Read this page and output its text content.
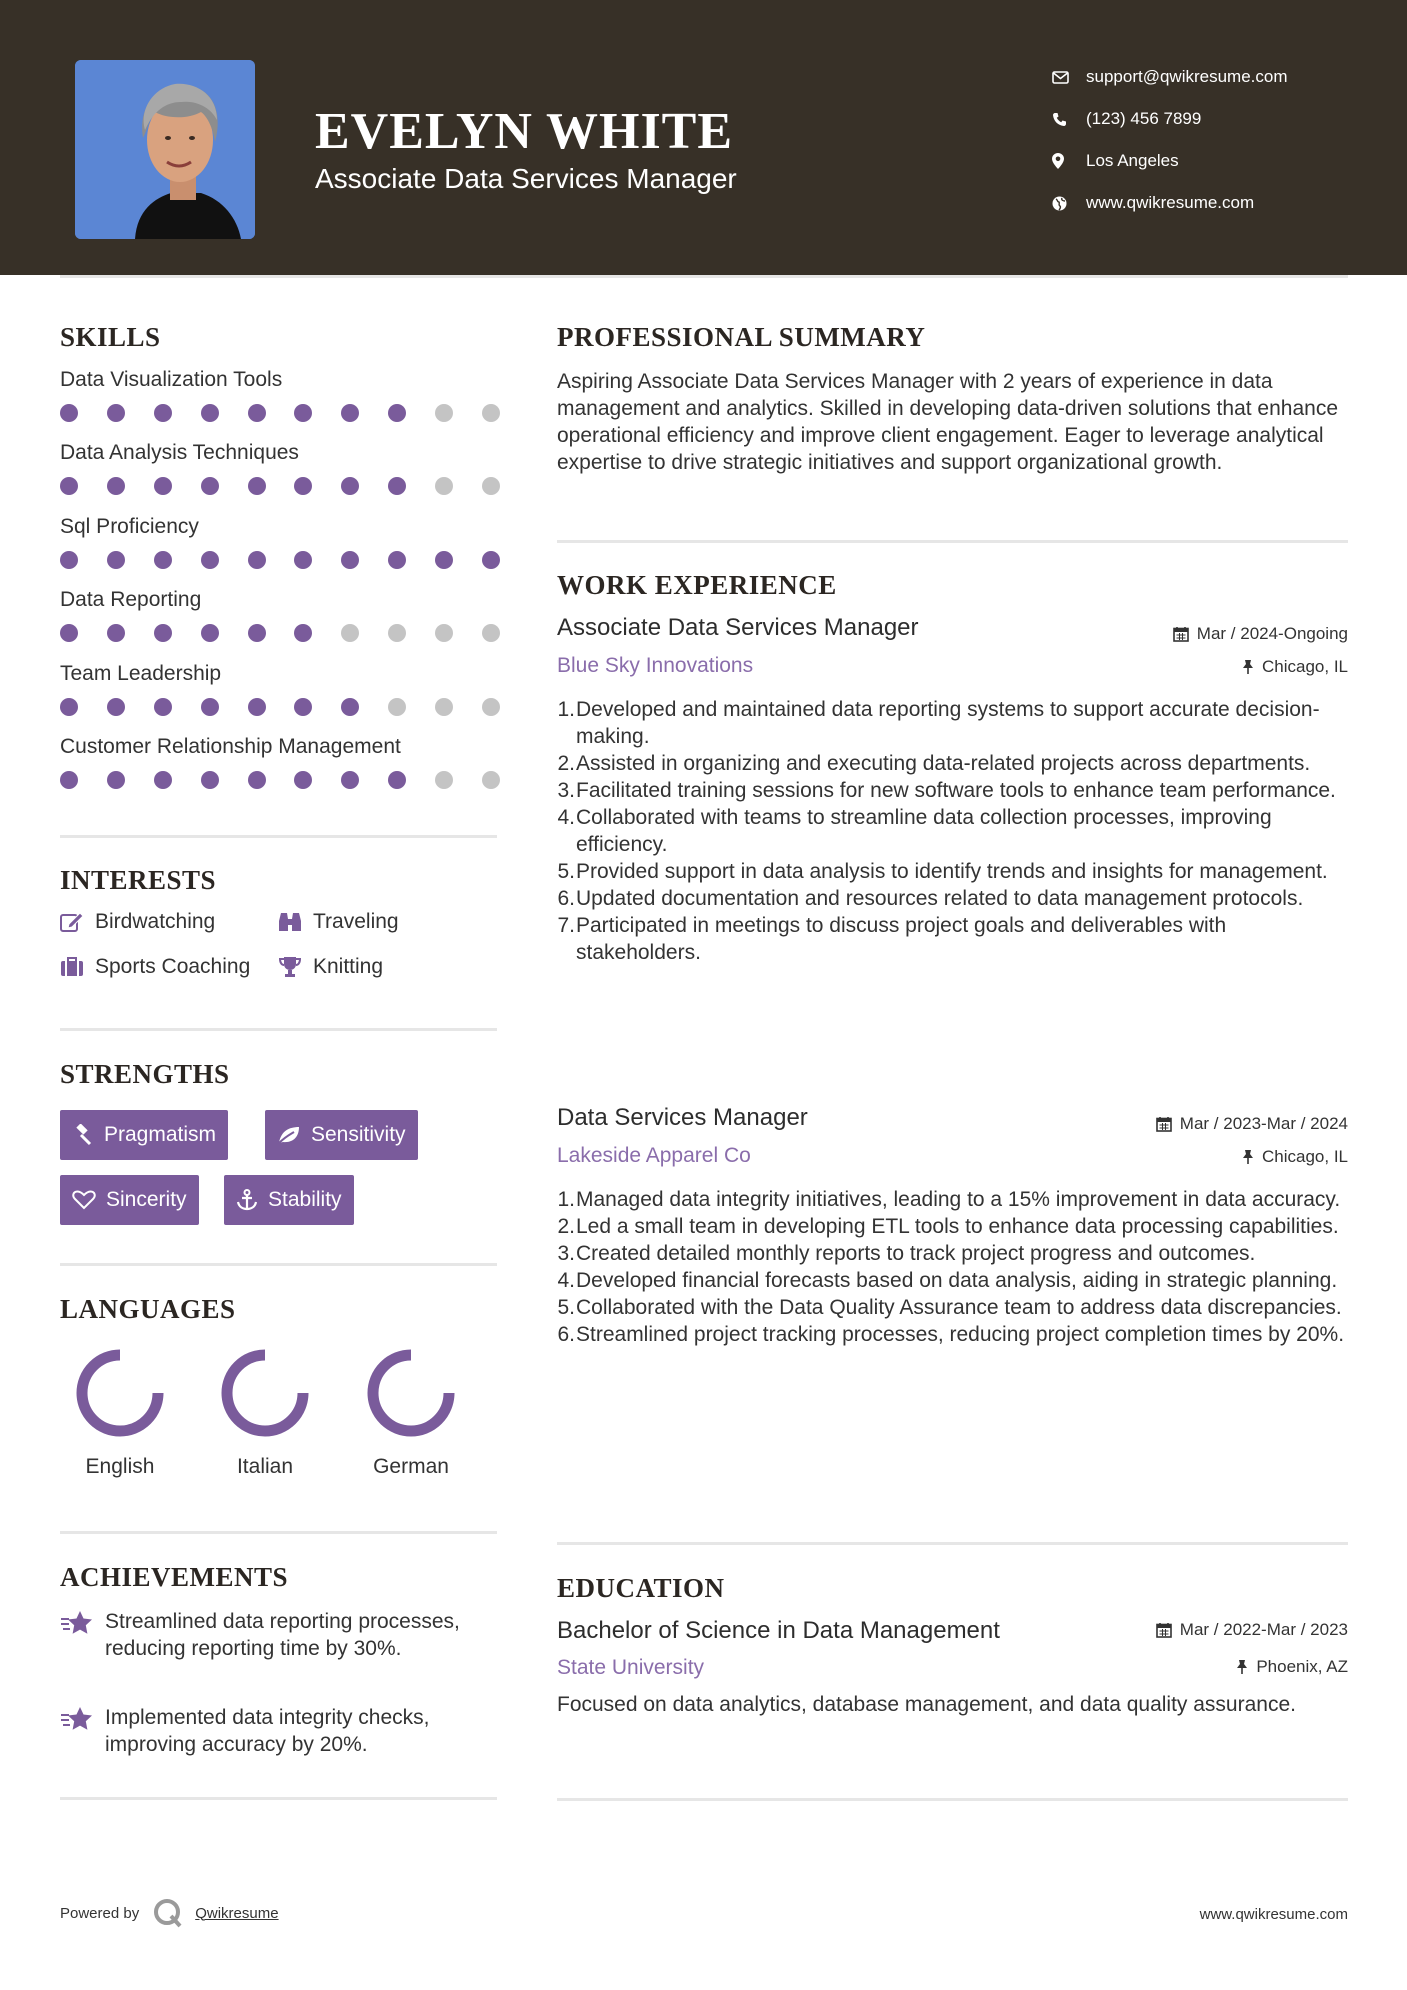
EVELYN WHITE
Associate Data Services Manager
support@qwikresume.com
(123) 456 7899
Los Angeles
www.qwikresume.com
SKILLS
Data Visualization Tools
Data Analysis Techniques
Sql Proficiency
Data Reporting
Team Leadership
Customer Relationship Management
INTERESTS
Birdwatching	Traveling
Sports Coaching	Knitting
STRENGTHS
Pragmatism	Sensitivity
Sincerity	Stability
LANGUAGES
English	Italian	German
ACHIEVEMENTS
Streamlined data reporting processes, reducing reporting time by 30%.
Implemented data integrity checks, improving accuracy by 20%.
PROFESSIONAL SUMMARY
Aspiring Associate Data Services Manager with 2 years of experience in data management and analytics. Skilled in developing data-driven solutions that enhance operational efficiency and improve client engagement. Eager to leverage analytical expertise to drive strategic initiatives and support organizational growth.
WORK EXPERIENCE
Associate Data Services Manager	Mar / 2024-Ongoing
Blue Sky Innovations	Chicago, IL
1. Developed and maintained data reporting systems to support accurate decision-making.
2. Assisted in organizing and executing data-related projects across departments.
3. Facilitated training sessions for new software tools to enhance team performance.
4. Collaborated with teams to streamline data collection processes, improving efficiency.
5. Provided support in data analysis to identify trends and insights for management.
6. Updated documentation and resources related to data management protocols.
7. Participated in meetings to discuss project goals and deliverables with stakeholders.
Data Services Manager	Mar / 2023-Mar / 2024
Lakeside Apparel Co	Chicago, IL
1. Managed data integrity initiatives, leading to a 15% improvement in data accuracy.
2. Led a small team in developing ETL tools to enhance data processing capabilities.
3. Created detailed monthly reports to track project progress and outcomes.
4. Developed financial forecasts based on data analysis, aiding in strategic planning.
5. Collaborated with the Data Quality Assurance team to address data discrepancies.
6. Streamlined project tracking processes, reducing project completion times by 20%.
EDUCATION
Bachelor of Science in Data Management	Mar / 2022-Mar / 2023
State University	Phoenix, AZ
Focused on data analytics, database management, and data quality assurance.
Powered by	Qwikresume	www.qwikresume.com
